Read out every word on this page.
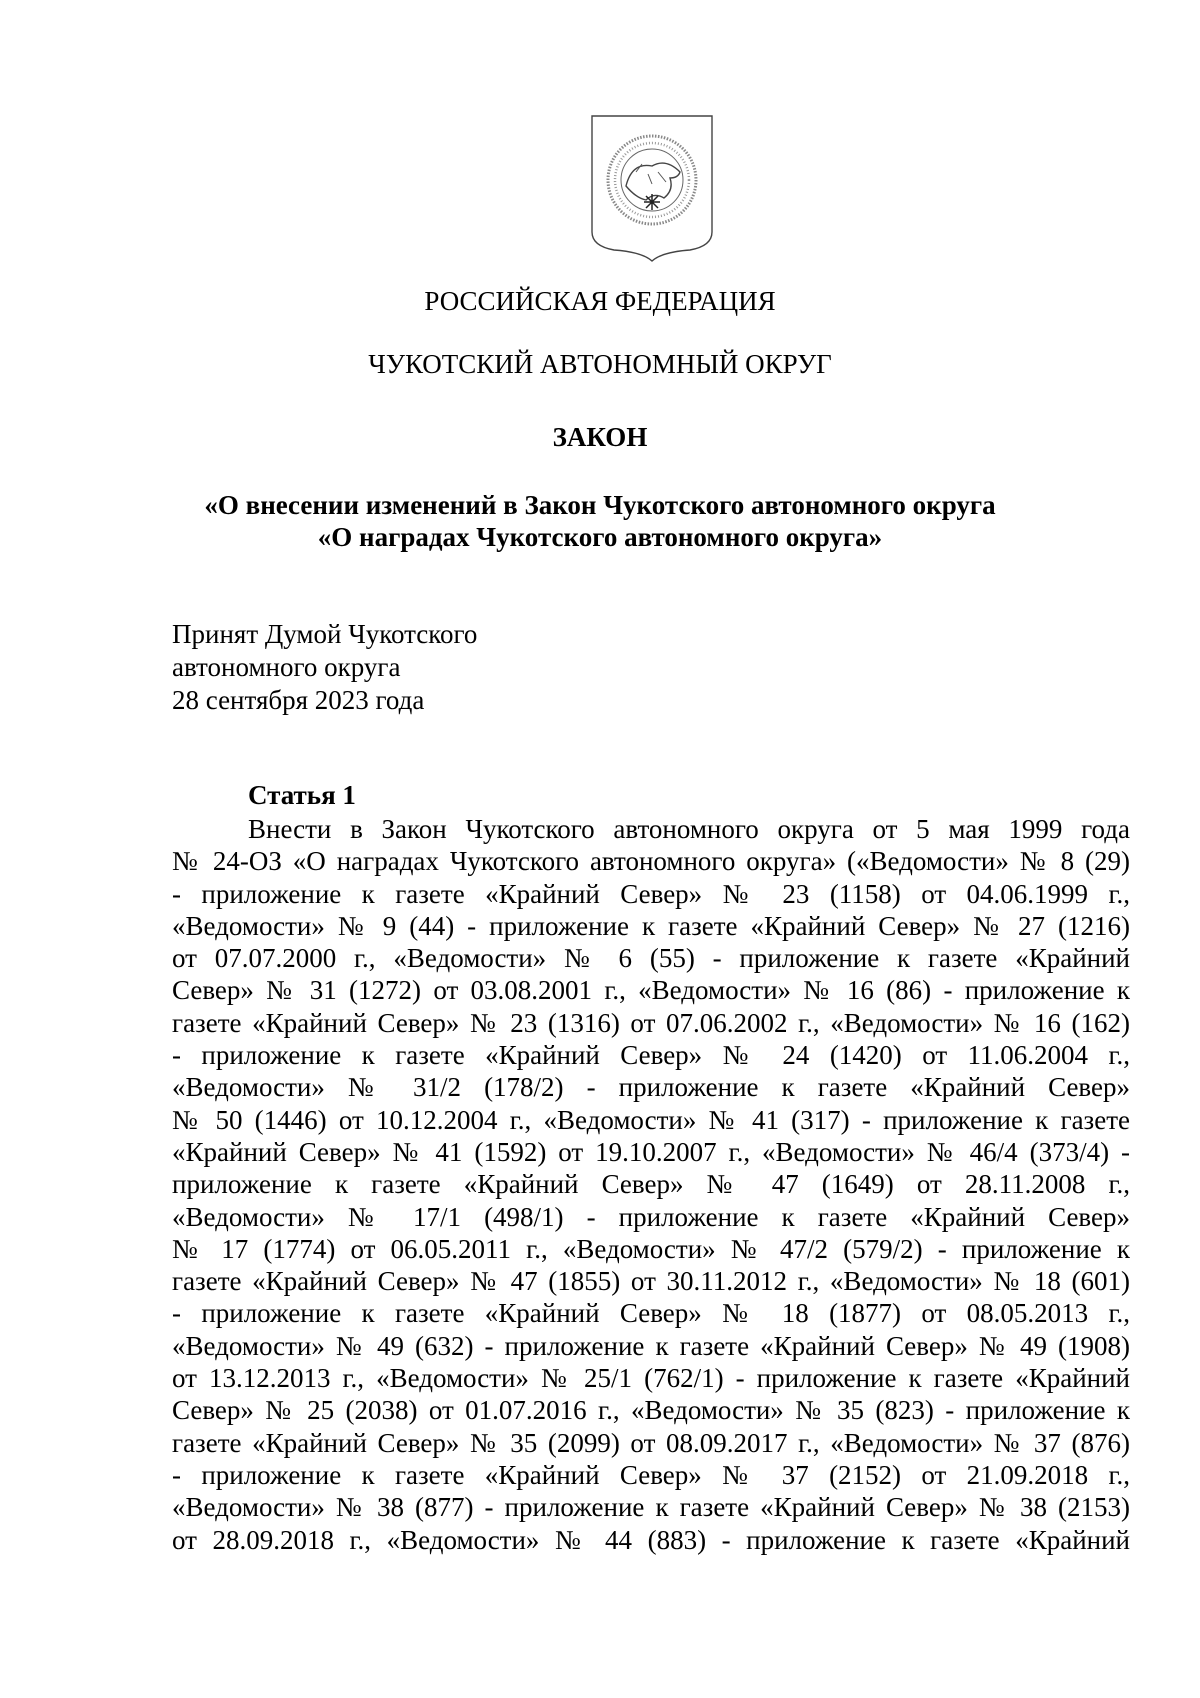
РОССИЙСКАЯ ФЕДЕРАЦИЯ
ЧУКОТСКИЙ АВТОНОМНЫЙ ОКРУГ
ЗАКОН
«О внесении изменений в Закон Чукотского автономного округа
«О наградах Чукотского автономного округа»
Принят Думой Чукотского
автономного округа
28 сентября 2023 года
Статья 1
Внести в Закон Чукотского автономного округа от 5 мая 1999 года
№ 24-ОЗ «О наградах Чукотского автономного округа» («Ведомости» № 8 (29)
- приложение к газете «Крайний Север» № 23 (1158) от 04.06.1999 г.,
«Ведомости» № 9 (44) - приложение к газете «Крайний Север» № 27 (1216)
от 07.07.2000 г., «Ведомости» № 6 (55) - приложение к газете «Крайний
Север» № 31 (1272) от 03.08.2001 г., «Ведомости» № 16 (86) - приложение к
газете «Крайний Север» № 23 (1316) от 07.06.2002 г., «Ведомости» № 16 (162)
- приложение к газете «Крайний Север» № 24 (1420) от 11.06.2004 г.,
«Ведомости» № 31/2 (178/2) - приложение к газете «Крайний Север»
№ 50 (1446) от 10.12.2004 г., «Ведомости» № 41 (317) - приложение к газете
«Крайний Север» № 41 (1592) от 19.10.2007 г., «Ведомости» № 46/4 (373/4) -
приложение к газете «Крайний Север» № 47 (1649) от 28.11.2008 г.,
«Ведомости» № 17/1 (498/1) - приложение к газете «Крайний Север»
№ 17 (1774) от 06.05.2011 г., «Ведомости» № 47/2 (579/2) - приложение к
газете «Крайний Север» № 47 (1855) от 30.11.2012 г., «Ведомости» № 18 (601)
- приложение к газете «Крайний Север» № 18 (1877) от 08.05.2013 г.,
«Ведомости» № 49 (632) - приложение к газете «Крайний Север» № 49 (1908)
от 13.12.2013 г., «Ведомости» № 25/1 (762/1) - приложение к газете «Крайний
Север» № 25 (2038) от 01.07.2016 г., «Ведомости» № 35 (823) - приложение к
газете «Крайний Север» № 35 (2099) от 08.09.2017 г., «Ведомости» № 37 (876)
- приложение к газете «Крайний Север» № 37 (2152) от 21.09.2018 г.,
«Ведомости» № 38 (877) - приложение к газете «Крайний Север» № 38 (2153)
от 28.09.2018 г., «Ведомости» № 44 (883) - приложение к газете «Крайний
